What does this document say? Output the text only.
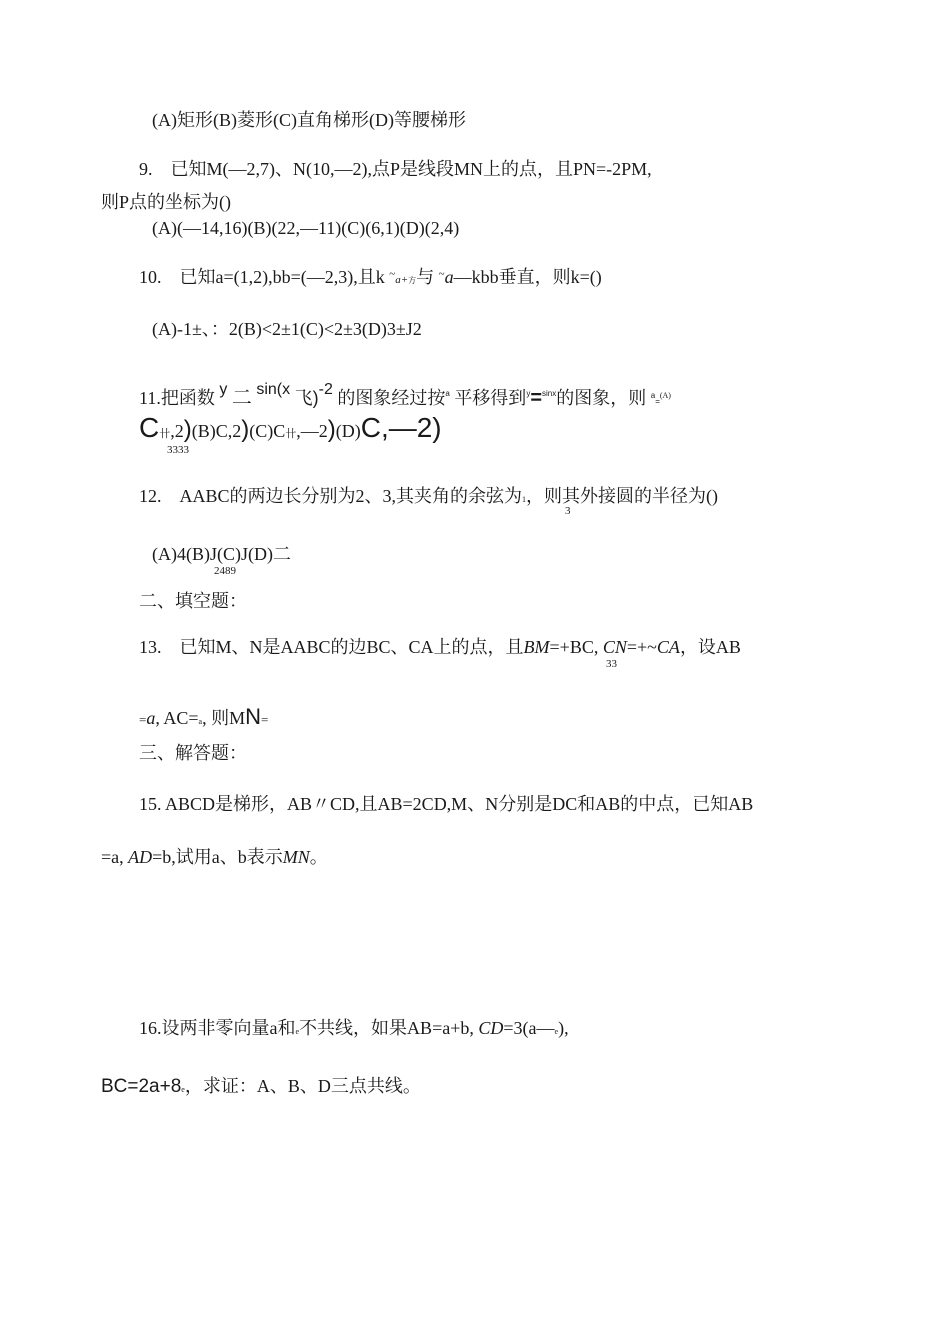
(A)矩形(B)菱形(C)直角梯形(D)等腰梯形
9.　已知M(—2,7)、N(10,—2),点P是线段MN上的点，且PN=-2PM,
则P点的坐标为()
(A)(—14,16)(B)(22,—11)(C)(6,1)(D)(2,4)
10.　已知a=(1,2),bb=(—2,3),且k ~a+方与 ~a—kbb垂直，则k=()
(A)-1±、：2(B)<2±1(C)<2±3(D)3±J2
11.把函数 y 二 sin(x 飞)-2 的图象经过按$^a$ 平移得到$^y$=$^{sinx}$的图象，则 $^a$=$^{(A)}$
C卄,2)(B)C,2)(C)C卄,—2)(D)C,—2)
3333
12.　AABC的两边长分别为2、3,其夹角的余弦为1，则其外接圆的半径为()
3
(A)4(B)J(C)J(D)二
2489
二、填空题：
13.　已知M、N是AABC的边BC、CA上的点，且BM=+BC, CN=+~CA，设AB
33
=a, AC=a, 则MN=
三、解答题：
15. ABCD是梯形，AB〃CD,且AB=2CD,M、N分别是DC和AB的中点，已知AB
=a, AD=b,试用a、b表示MN。
16.设两非零向量a和e不共线，如果AB=a+b, CD=3(a—e),
BC=2a+8e，求证：A、B、D三点共线。
